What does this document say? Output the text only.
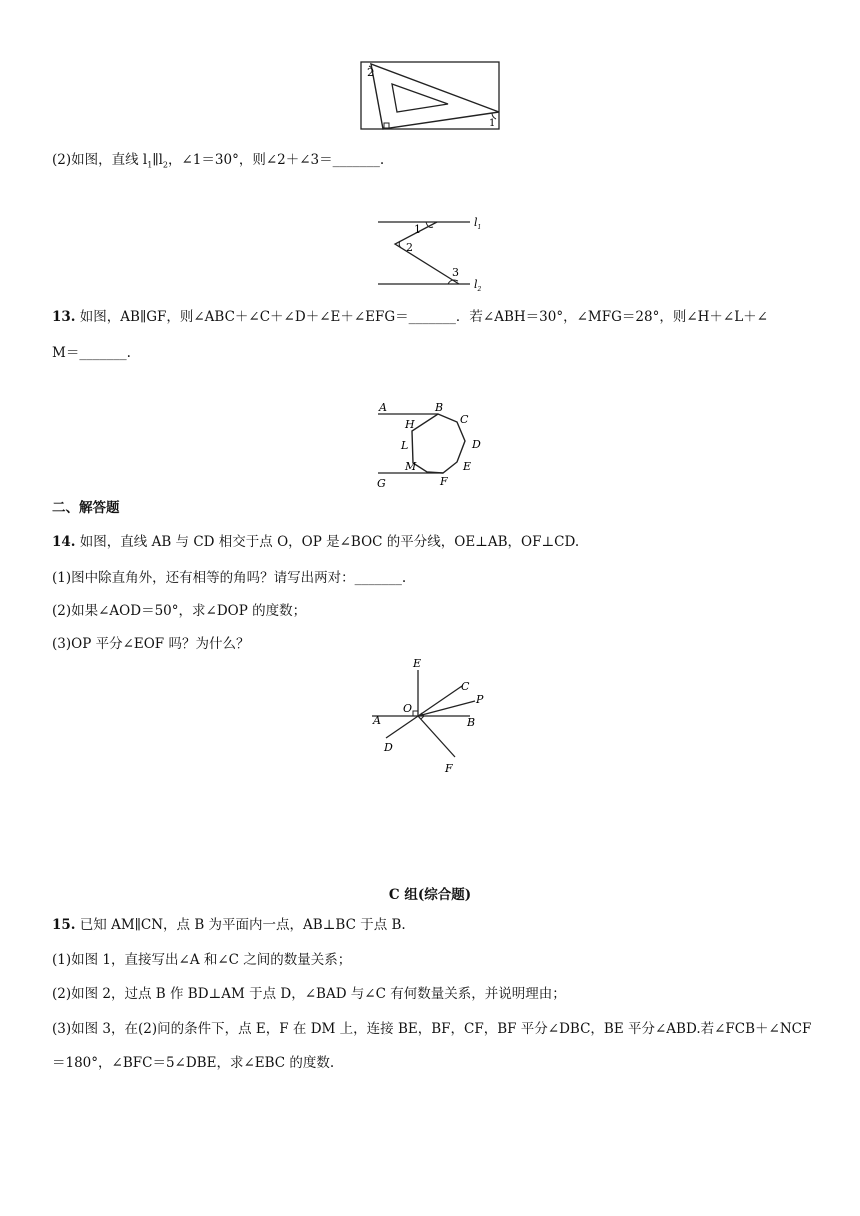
2
1
(2)如图，直线 $l_1\parallel l_2$，∠1＝30°，则∠2＋∠3＝_______.
1
2
3
$l_1$
$l_2$
13. 如图，AB∥GF，则∠ABC＋∠C＋∠D＋∠E＋∠EFG＝_______．若∠ABH＝30°，∠MFG＝28°，则∠H＋∠L＋∠
M＝_______.
A	B
C
D
E
F
G
H
L
M
二、解答题
14. 如图，直线 AB 与 CD 相交于点 O，OP 是∠BOC 的平分线，OE⊥AB，OF⊥CD.
(1)图中除直角外，还有相等的角吗？请写出两对：_______.
(2)如果∠AOD＝50°，求∠DOP 的度数；
(3)OP 平分∠EOF 吗？为什么？
E
C
P
O
A	B
D
F
C 组(综合题)
15. 已知 AM∥CN，点 B 为平面内一点，AB⊥BC 于点 B.
(1)如图 1，直接写出∠A 和∠C 之间的数量关系；
(2)如图 2，过点 B 作 BD⊥AM 于点 D，∠BAD 与∠C 有何数量关系，并说明理由；
(3)如图 3，在(2)问的条件下，点 E，F 在 DM 上，连接 BE，BF，CF，BF 平分∠DBC，BE 平分∠ABD.若∠FCB＋∠NCF
＝180°，∠BFC＝5∠DBE，求∠EBC 的度数.
